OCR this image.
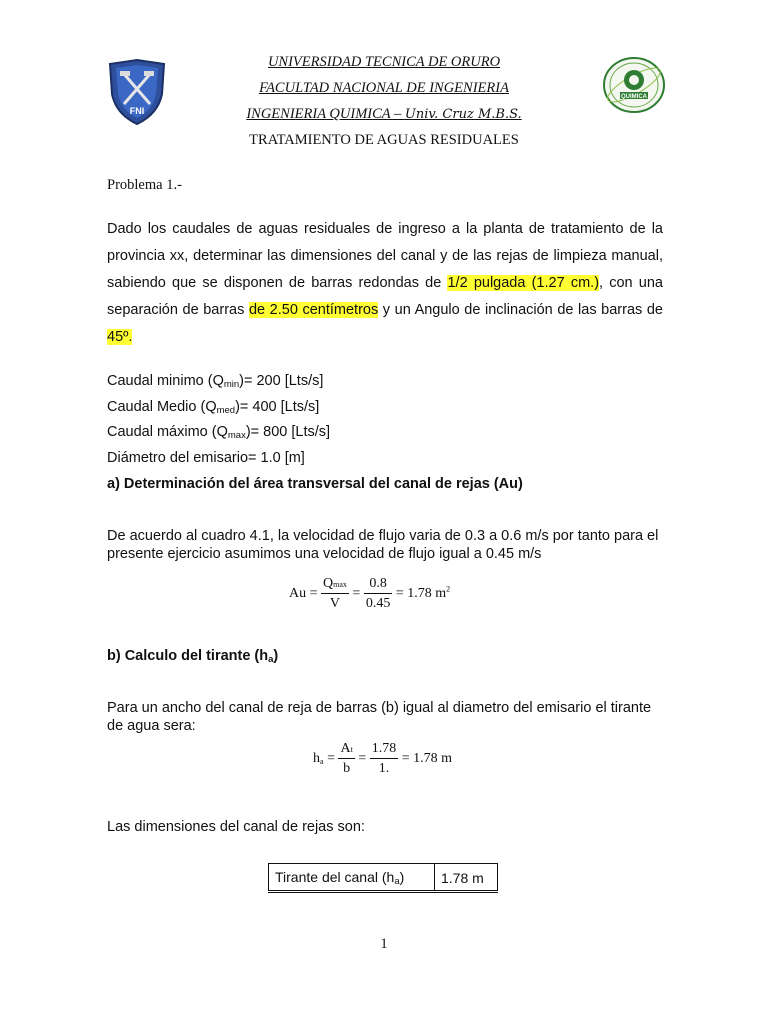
FNI
QUIMICA
UNIVERSIDAD TECNICA DE ORURO
FACULTAD NACIONAL DE INGENIERIA
INGENIERIA QUIMICA – Univ. Cruz M.B.S.
TRATAMIENTO DE AGUAS RESIDUALES
Problema 1.-
Dado los caudales de aguas residuales de ingreso a la planta de tratamiento de la provincia xx, determinar las dimensiones del canal y de las rejas de limpieza manual, sabiendo que se disponen de barras redondas de 1/2 pulgada (1.27 cm.), con una separación de barras de 2.50 centímetros y un Angulo de inclinación de las barras de 45º.
Caudal minimo $(Q_{min})= 200$ [Lts/s]
Caudal Medio $(Q_{med})= 400$ [Lts/s]
Caudal máximo $(Q_{max})= 800$ [Lts/s]
Diámetro del emisario= 1.0 [m]
a) Determinación del área transversal del canal de rejas (Au)
De acuerdo al cuadro 4.1, la velocidad de flujo varia de 0.3 a 0.6 m/s por tanto para el presente ejercicio asumimos una velocidad de flujo igual a 0.45 m/s
$Au = \frac{Qmax}{V} = \frac{0.8}{0.45} = 1.78$ $m^2$
b) Calculo del tirante $(h_a)$
Para un ancho del canal de reja de barras (b) igual al diametro del emisario el tirante de agua sera:
$h_a = \frac{At}{b} = \frac{1.78}{1.} = 1.78$ m
Las dimensiones del canal de rejas son:
Tirante del canal $(h_a)$	1.78 m
1
